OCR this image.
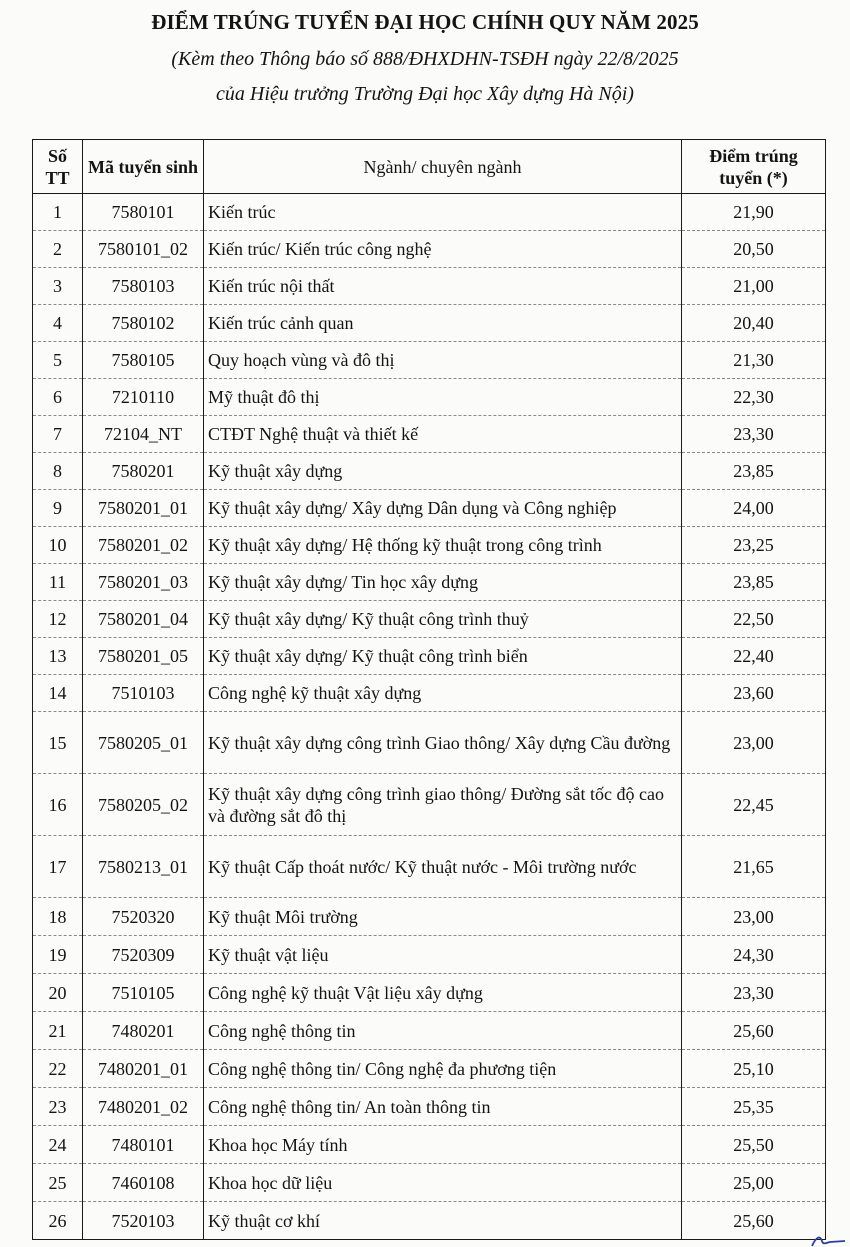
ĐIỂM TRÚNG TUYỂN ĐẠI HỌC CHÍNH QUY NĂM 2025
(Kèm theo Thông báo số 888/ĐHXDHN-TSĐH ngày 22/8/2025
của Hiệu trưởng Trường Đại học Xây dựng Hà Nội)
Số TT	Mã tuyển sinh	Ngành/ chuyên ngành	Điểm trúng tuyển (*)
1	7580101	Kiến trúc	21,90
2	7580101_02	Kiến trúc/ Kiến trúc công nghệ	20,50
3	7580103	Kiến trúc nội thất	21,00
4	7580102	Kiến trúc cảnh quan	20,40
5	7580105	Quy hoạch vùng và đô thị	21,30
6	7210110	Mỹ thuật đô thị	22,30
7	72104_NT	CTĐT Nghệ thuật và thiết kế	23,30
8	7580201	Kỹ thuật xây dựng	23,85
9	7580201_01	Kỹ thuật xây dựng/ Xây dựng Dân dụng và Công nghiệp	24,00
10	7580201_02	Kỹ thuật xây dựng/ Hệ thống kỹ thuật trong công trình	23,25
11	7580201_03	Kỹ thuật xây dựng/ Tin học xây dựng	23,85
12	7580201_04	Kỹ thuật xây dựng/ Kỹ thuật công trình thuỷ	22,50
13	7580201_05	Kỹ thuật xây dựng/ Kỹ thuật công trình biển	22,40
14	7510103	Công nghệ kỹ thuật xây dựng	23,60
15	7580205_01	Kỹ thuật xây dựng công trình Giao thông/ Xây dựng Cầu đường	23,00
16	7580205_02	Kỹ thuật xây dựng công trình giao thông/ Đường sắt tốc độ cao và đường sắt đô thị	22,45
17	7580213_01	Kỹ thuật Cấp thoát nước/ Kỹ thuật nước - Môi trường nước	21,65
18	7520320	Kỹ thuật Môi trường	23,00
19	7520309	Kỹ thuật vật liệu	24,30
20	7510105	Công nghệ kỹ thuật Vật liệu xây dựng	23,30
21	7480201	Công nghệ thông tin	25,60
22	7480201_01	Công nghệ thông tin/ Công nghệ đa phương tiện	25,10
23	7480201_02	Công nghệ thông tin/ An toàn thông tin	25,35
24	7480101	Khoa học Máy tính	25,50
25	7460108	Khoa học dữ liệu	25,00
26	7520103	Kỹ thuật cơ khí	25,60
